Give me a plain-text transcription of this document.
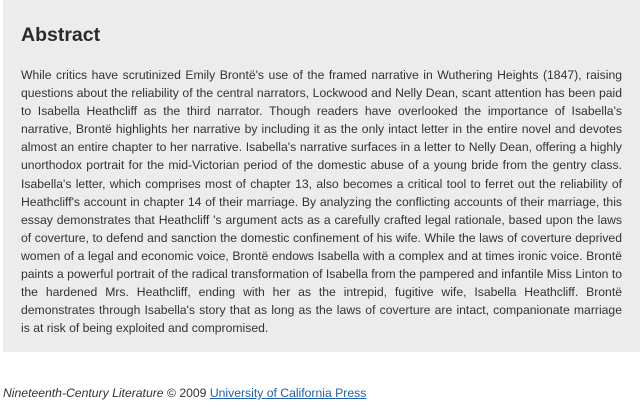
Abstract

While critics have scrutinized Emily Brontë's use of the framed narrative in Wuthering Heights (1847), raising questions about the reliability of the central narrators, Lockwood and Nelly Dean, scant attention has been paid to Isabella Heathcliff as the third narrator. Though readers have overlooked the importance of Isabella's narrative, Brontë highlights her narrative by including it as the only intact letter in the entire novel and devotes almost an entire chapter to her narrative. Isabella's narrative surfaces in a letter to Nelly Dean, offering a highly unorthodox portrait for the mid-Victorian period of the domestic abuse of a young bride from the gentry class. Isabella's letter, which comprises most of chapter 13, also becomes a critical tool to ferret out the reliability of Heathcliff's account in chapter 14 of their marriage. By analyzing the conflicting accounts of their marriage, this essay demonstrates that Heathcliff 's argument acts as a carefully crafted legal rationale, based upon the laws of coverture, to defend and sanction the domestic confinement of his wife. While the laws of coverture deprived women of a legal and economic voice, Brontë endows Isabella with a complex and at times ironic voice. Brontë paints a powerful portrait of the radical transformation of Isabella from the pampered and infantile Miss Linton to the hardened Mrs. Heathcliff, ending with her as the intrepid, fugitive wife, Isabella Heathcliff. Brontë demonstrates through Isabella's story that as long as the laws of coverture are intact, companionate marriage is at risk of being exploited and compromised.

Nineteenth-Century Literature © 2009 University of California Press
